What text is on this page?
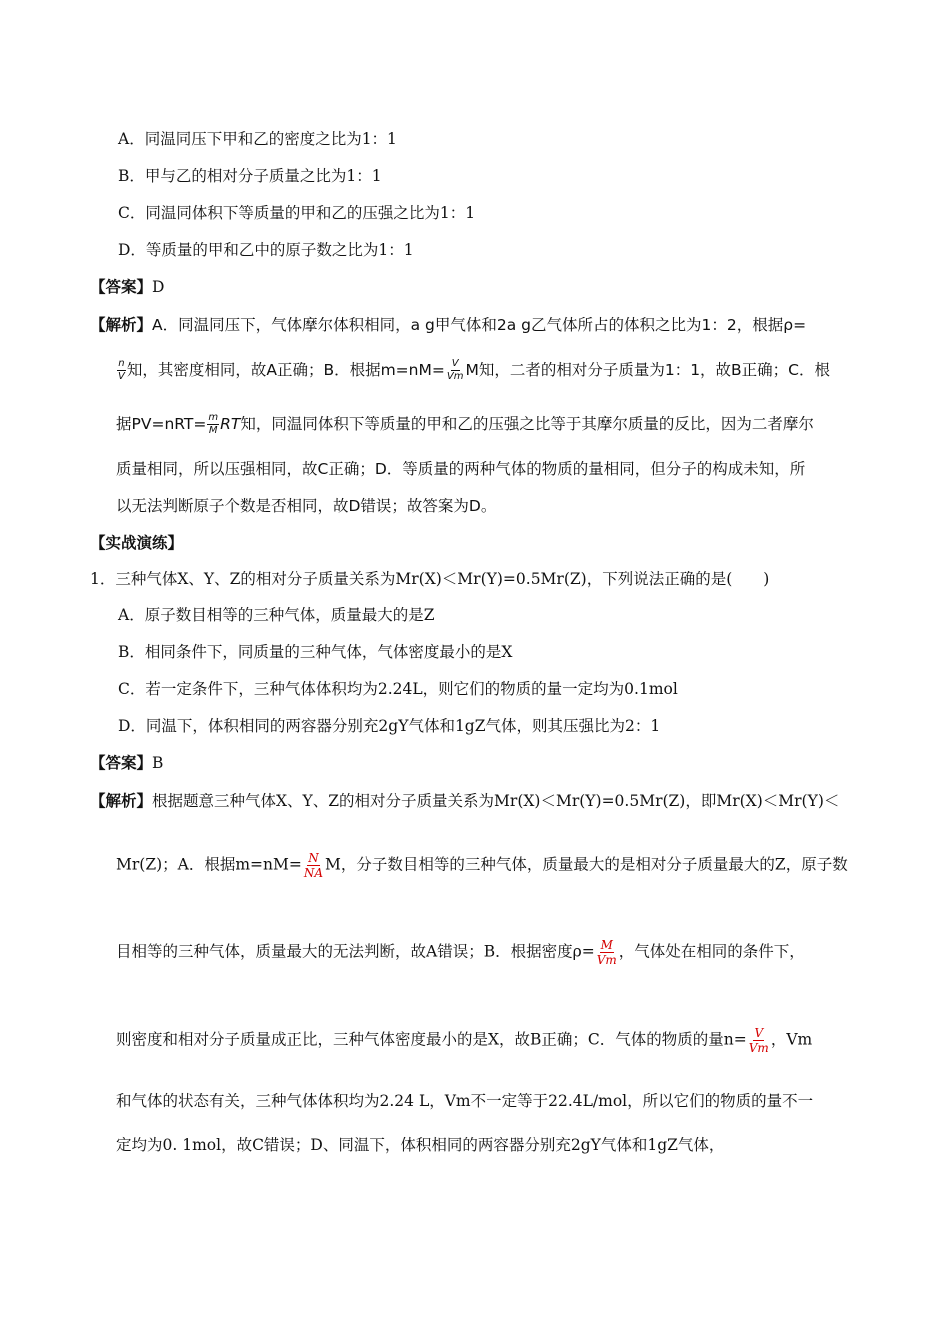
A．同温同压下甲和乙的密度之比为1：1
B．甲与乙的相对分子质量之比为1：1
C．同温同体积下等质量的甲和乙的压强之比为1：1
D．等质量的甲和乙中的原子数之比为1：1
【答案】D
【解析】A．同温同压下，气体摩尔体积相同，a g甲气体和2a g乙气体所占的体积之比为1：2，根据ρ=
$\frac{n}{V}$ 知，其密度相同，故A正确；B．根据$m=nM= \frac{V}{Vm}$ M知，二者的相对分子质量为1：1，故B正确；C．根
据$PV=nRT= \frac{m}{M}$ RT知，同温同体积下等质量的甲和乙的压强之比等于其摩尔质量的反比，因为二者摩尔
质量相同，所以压强相同，故C正确；D．等质量的两种气体的物质的量相同，但分子的构成未知，所
以无法判断原子个数是否相同，故D错误；故答案为D。
【实战演练】
1．三种气体X、Y、Z的相对分子质量关系为Mr(X)＜Mr(Y)=0.5Mr(Z)，下列说法正确的是(　　)
A．原子数目相等的三种气体，质量最大的是Z
B．相同条件下，同质量的三种气体，气体密度最小的是X
C．若一定条件下，三种气体体积均为2.24L，则它们的物质的量一定均为0.1mol
D．同温下，体积相同的两容器分别充2gY气体和1gZ气体，则其压强比为2：1
【答案】B
【解析】根据题意三种气体X、Y、Z的相对分子质量关系为Mr(X)＜Mr(Y)=0.5Mr(Z)，即Mr(X)＜Mr(Y)＜
Mr(Z)；A．根据$m=nM= \frac{N}{NA}$ M，分子数目相等的三种气体，质量最大的是相对分子质量最大的Z，原子数
目相等的三种气体，质量最大的无法判断，故A错误；B．根据密度$\rho= \frac{M}{Vm}$ ，气体处在相同的条件下，
则密度和相对分子质量成正比，三种气体密度最小的是X，故B正确；C．气体的物质的量$n= \frac{V}{Vm}$ ，Vm
和气体的状态有关，三种气体体积均为2.24 L，Vm不一定等于22.4L/mol，所以它们的物质的量不一
定均为0. 1mol，故C错误；D、同温下，体积相同的两容器分别充2gY气体和1gZ气体，
